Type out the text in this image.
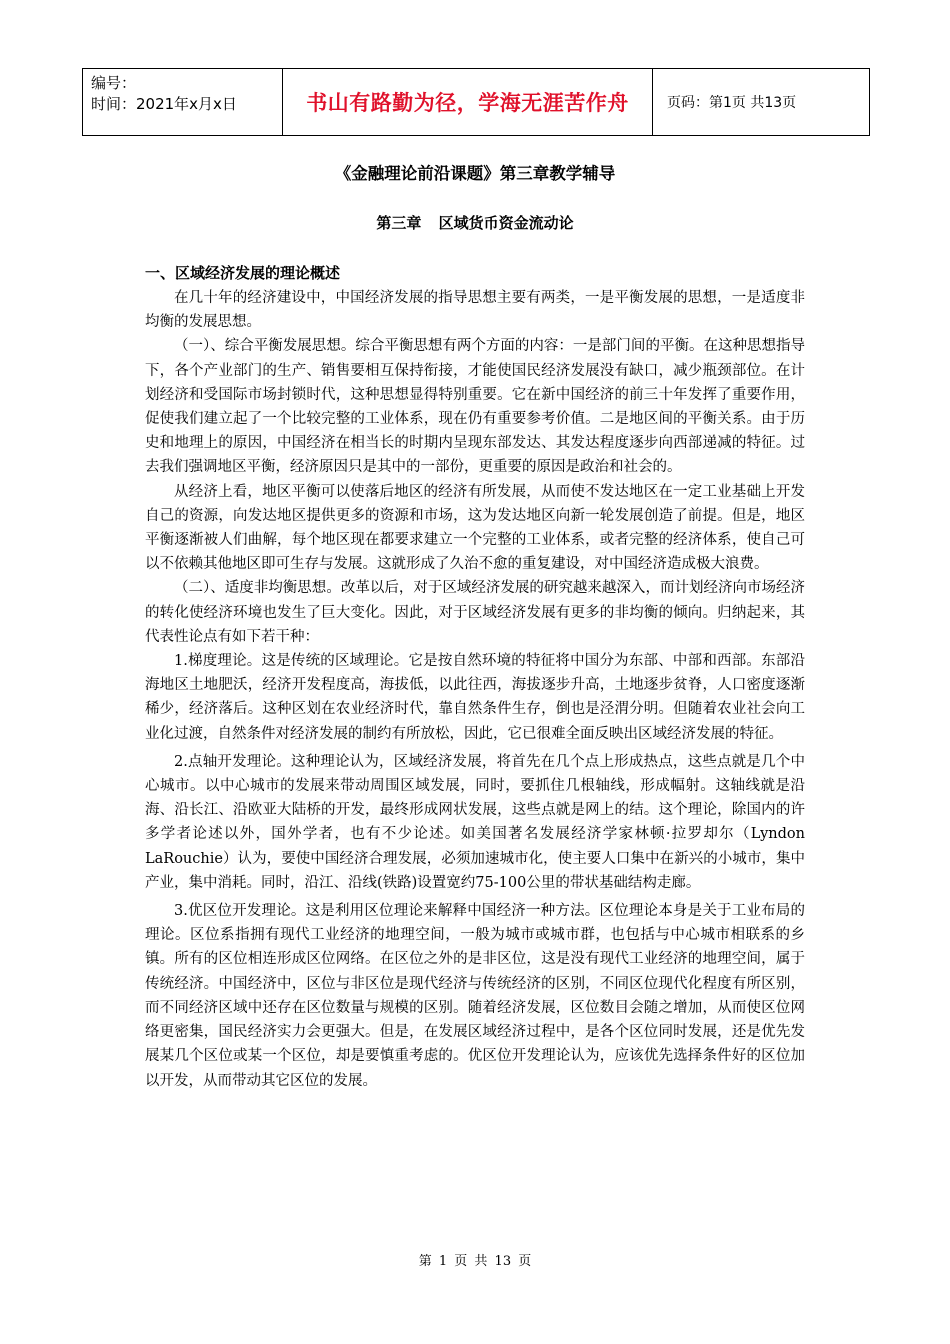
编号：
时间：2021年x月x日	书山有路勤为径，学海无涯苦作舟	页码：第1页 共13页
《金融理论前沿课题》第三章教学辅导
第三章 区域货币资金流动论
一、区域经济发展的理论概述

在几十年的经济建设中，中国经济发展的指导思想主要有两类，一是平衡发展的思想，一是适度非均衡的发展思想。

（一）、综合平衡发展思想。综合平衡思想有两个方面的内容：一是部门间的平衡。在这种思想指导下，各个产业部门的生产、销售要相互保持衔接，才能使国民经济发展没有缺口，减少瓶颈部位。在计划经济和受国际市场封锁时代，这种思想显得特别重要。它在新中国经济的前三十年发挥了重要作用，促使我们建立起了一个比较完整的工业体系，现在仍有重要参考价值。二是地区间的平衡关系。由于历史和地理上的原因，中国经济在相当长的时期内呈现东部发达、其发达程度逐步向西部递减的特征。过去我们强调地区平衡，经济原因只是其中的一部份，更重要的原因是政治和社会的。

从经济上看，地区平衡可以使落后地区的经济有所发展，从而使不发达地区在一定工业基础上开发自己的资源，向发达地区提供更多的资源和市场，这为发达地区向新一轮发展创造了前提。但是，地区平衡逐渐被人们曲解，每个地区现在都要求建立一个完整的工业体系，或者完整的经济体系，使自己可以不依赖其他地区即可生存与发展。这就形成了久治不愈的重复建设，对中国经济造成极大浪费。

（二）、适度非均衡思想。改革以后，对于区域经济发展的研究越来越深入，而计划经济向市场经济的转化使经济环境也发生了巨大变化。因此，对于区域经济发展有更多的非均衡的倾向。归纳起来，其代表性论点有如下若干种：

1.梯度理论。这是传统的区域理论。它是按自然环境的特征将中国分为东部、中部和西部。东部沿海地区土地肥沃，经济开发程度高，海拔低，以此往西，海拔逐步升高，土地逐步贫脊，人口密度逐渐稀少，经济落后。这种区划在农业经济时代，靠自然条件生存，倒也是泾渭分明。但随着农业社会向工业化过渡，自然条件对经济发展的制约有所放松，因此，它已很难全面反映出区域经济发展的特征。

2.点轴开发理论。这种理论认为，区域经济发展，将首先在几个点上形成热点，这些点就是几个中心城市。以中心城市的发展来带动周围区域发展，同时，要抓住几根轴线，形成幅射。这轴线就是沿海、沿长江、沿欧亚大陆桥的开发，最终形成网状发展，这些点就是网上的结。这个理论，除国内的许多学者论述以外，国外学者，也有不少论述。如美国著名发展经济学家林顿·拉罗却尔（Lyndon LaRouchie）认为，要使中国经济合理发展，必须加速城市化，使主要人口集中在新兴的小城市，集中产业，集中消耗。同时，沿江、沿线(铁路)设置宽约75-100公里的带状基础结构走廊。

3.优区位开发理论。这是利用区位理论来解释中国经济一种方法。区位理论本身是关于工业布局的理论。区位系指拥有现代工业经济的地理空间，一般为城市或城市群，也包括与中心城市相联系的乡镇。所有的区位相连形成区位网络。在区位之外的是非区位，这是没有现代工业经济的地理空间，属于传统经济。中国经济中，区位与非区位是现代经济与传统经济的区别，不同区位现代化程度有所区别，而不同经济区域中还存在区位数量与规模的区别。随着经济发展，区位数目会随之增加，从而使区位网络更密集，国民经济实力会更强大。但是，在发展区域经济过程中，是各个区位同时发展，还是优先发展某几个区位或某一个区位，却是要慎重考虑的。优区位开发理论认为，应该优先选择条件好的区位加以开发，从而带动其它区位的发展。

第 1 页 共 13 页
